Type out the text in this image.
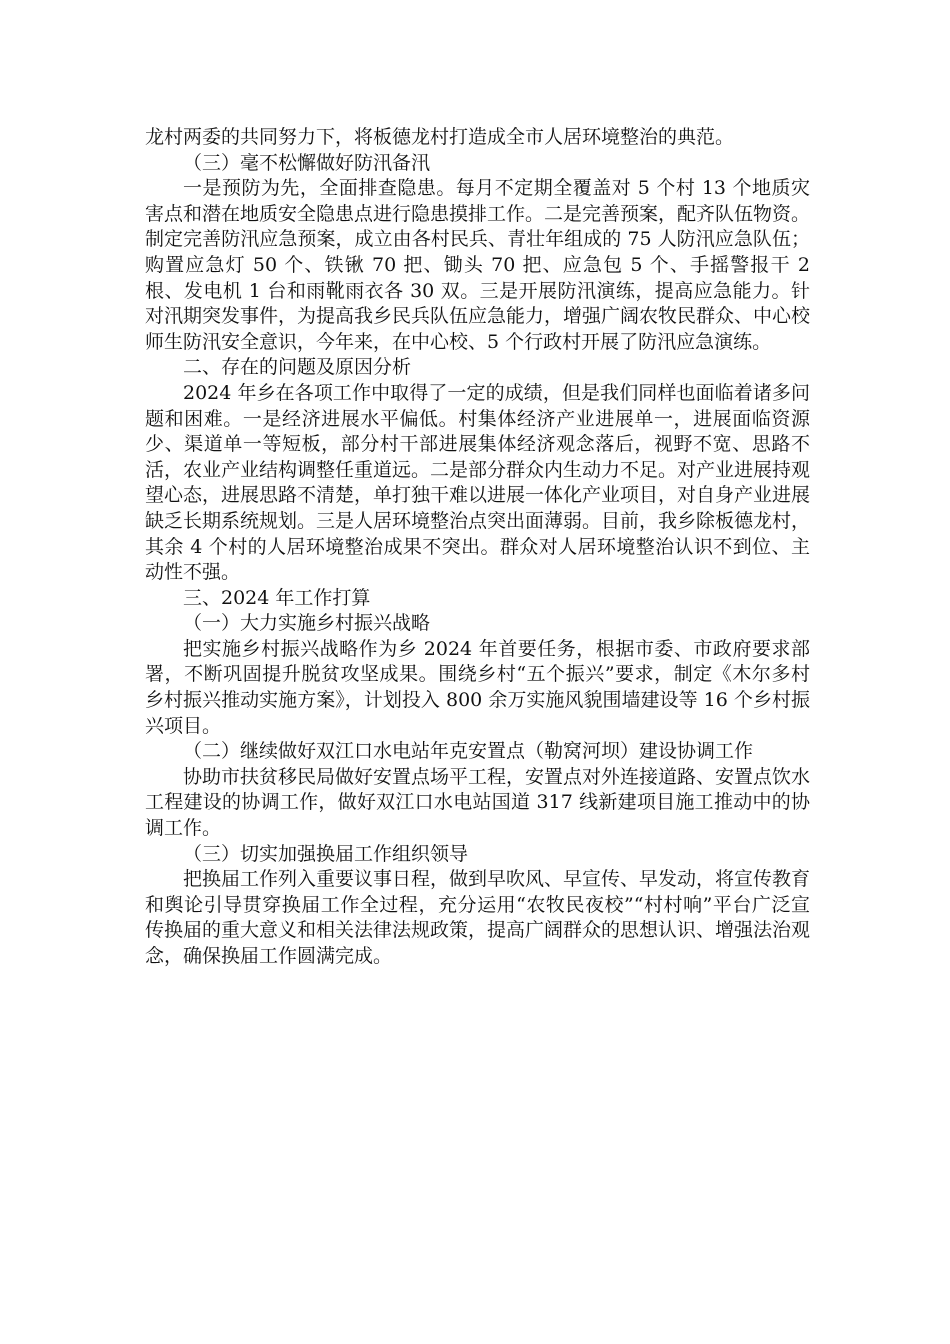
龙村两委的共同努力下，将板德龙村打造成全市人居环境整治的典范。

（三）毫不松懈做好防汛备汛

一是预防为先，全面排查隐患。每月不定期全覆盖对 5 个村 13 个地质灾害点和潜在地质安全隐患点进行隐患摸排工作。二是完善预案，配齐队伍物资。制定完善防汛应急预案，成立由各村民兵、青壮年组成的 75 人防汛应急队伍；购置应急灯 50 个、铁锹 70 把、锄头 70 把、应急包 5 个、手摇警报干 2 根、发电机 1 台和雨靴雨衣各 30 双。三是开展防汛演练，提高应急能力。针对汛期突发事件，为提高我乡民兵队伍应急能力，增强广阔农牧民群众、中心校师生防汛安全意识，今年来，在中心校、5 个行政村开展了防汛应急演练。

二、存在的问题及原因分析

2024 年乡在各项工作中取得了一定的成绩，但是我们同样也面临着诸多问题和困难。一是经济进展水平偏低。村集体经济产业进展单一，进展面临资源少、渠道单一等短板，部分村干部进展集体经济观念落后，视野不宽、思路不活，农业产业结构调整任重道远。二是部分群众内生动力不足。对产业进展持观望心态，进展思路不清楚，单打独干难以进展一体化产业项目，对自身产业进展缺乏长期系统规划。三是人居环境整治点突出面薄弱。目前，我乡除板德龙村，其余 4 个村的人居环境整治成果不突出。群众对人居环境整治认识不到位、主动性不强。

三、2024 年工作打算

（一）大力实施乡村振兴战略

把实施乡村振兴战略作为乡 2024 年首要任务，根据市委、市政府要求部署，不断巩固提升脱贫攻坚成果。围绕乡村“五个振兴”要求，制定《木尔多村乡村振兴推动实施方案》，计划投入 800 余万实施风貌围墙建设等 16 个乡村振兴项目。

（二）继续做好双江口水电站年克安置点（勒窝河坝）建设协调工作

协助市扶贫移民局做好安置点场平工程，安置点对外连接道路、安置点饮水工程建设的协调工作，做好双江口水电站国道 317 线新建项目施工推动中的协调工作。

（三）切实加强换届工作组织领导

把换届工作列入重要议事日程，做到早吹风、早宣传、早发动，将宣传教育和舆论引导贯穿换届工作全过程，充分运用“农牧民夜校”“村村响”平台广泛宣传换届的重大意义和相关法律法规政策，提高广阔群众的思想认识、增强法治观念，确保换届工作圆满完成。
